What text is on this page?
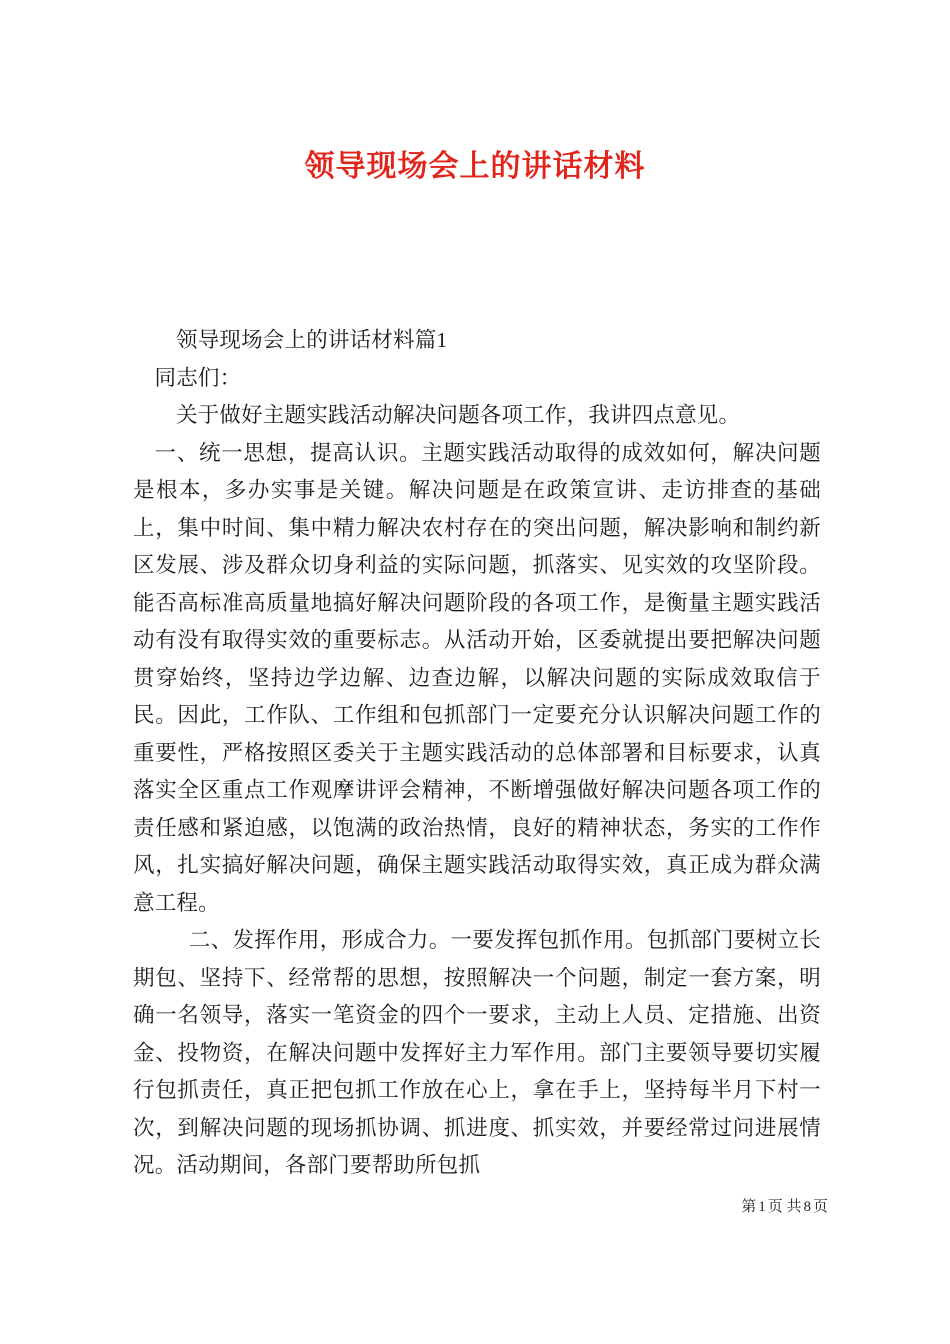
领导现场会上的讲话材料

领导现场会上的讲话材料篇1

同志们：

关于做好主题实践活动解决问题各项工作，我讲四点意见。

一、统一思想，提高认识。主题实践活动取得的成效如何，解决问题是根本，多办实事是关键。解决问题是在政策宣讲、走访排查的基础上，集中时间、集中精力解决农村存在的突出问题，解决影响和制约新区发展、涉及群众切身利益的实际问题，抓落实、见实效的攻坚阶段。能否高标准高质量地搞好解决问题阶段的各项工作，是衡量主题实践活动有没有取得实效的重要标志。从活动开始，区委就提出要把解决问题贯穿始终，坚持边学边解、边查边解，以解决问题的实际成效取信于民。因此，工作队、工作组和包抓部门一定要充分认识解决问题工作的重要性，严格按照区委关于主题实践活动的总体部署和目标要求，认真落实全区重点工作观摩讲评会精神，不断增强做好解决问题各项工作的责任感和紧迫感，以饱满的政治热情，良好的精神状态，务实的工作作风，扎实搞好解决问题，确保主题实践活动取得实效，真正成为群众满意工程。

二、发挥作用，形成合力。一要发挥包抓作用。包抓部门要树立长期包、坚持下、经常帮的思想，按照解决一个问题，制定一套方案，明确一名领导，落实一笔资金的四个一要求，主动上人员、定措施、出资金、投物资，在解决问题中发挥好主力军作用。部门主要领导要切实履行包抓责任，真正把包抓工作放在心上，拿在手上，坚持每半月下村一次，到解决问题的现场抓协调、抓进度、抓实效，并要经常过问进展情况。活动期间，各部门要帮助所包抓

第 1 页 共 8 页
